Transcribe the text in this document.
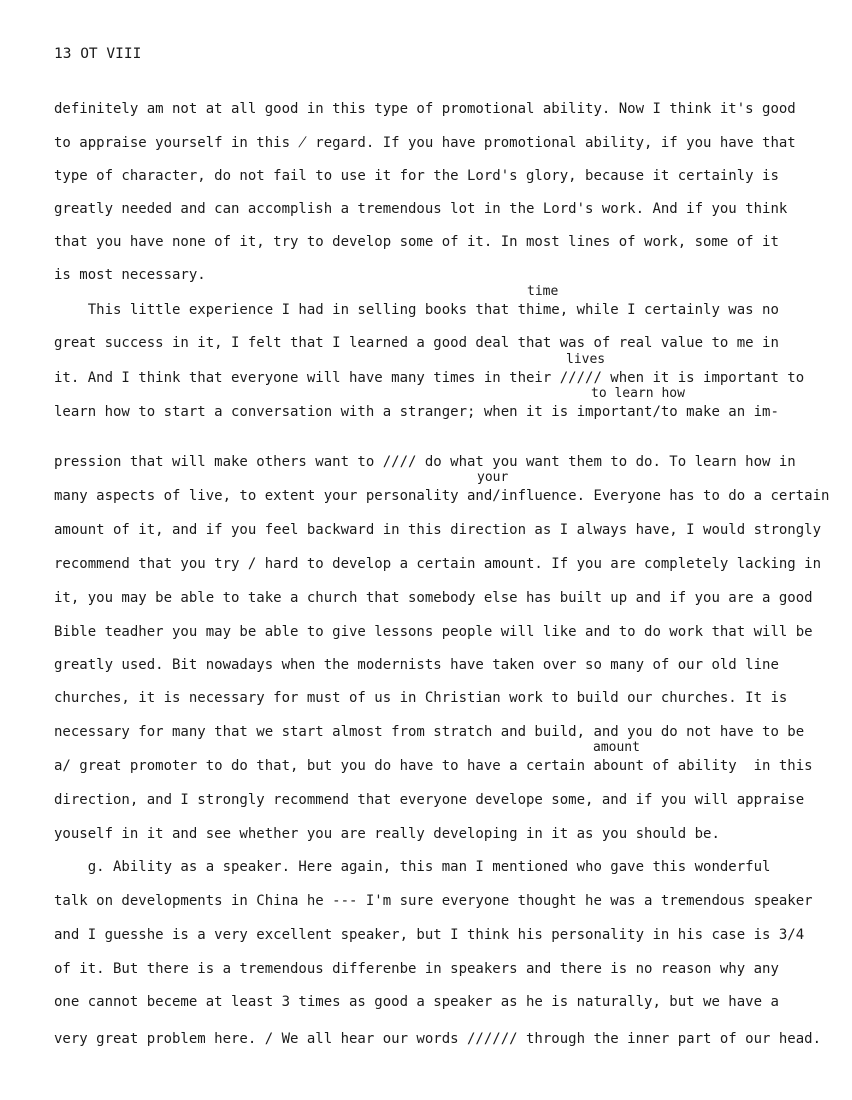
13 OT VIII
definitely am not at all good in this type of promotional ability. Now I think it's good
to appraise yourself in this ̸ regard. If you have promotional ability, if you have that
type of character, do not fail to use it for the Lord's glory, because it certainly is
greatly needed and can accomplish a tremendous lot in the Lord's work. And if you think
that you have none of it, try to develop some of it. In most lines of work, some of it
is most necessary.
time
This little experience I had in selling books that thime, while I certainly was no
great success in it, I felt that I learned a good deal that was of real value to me in
lives
it. And I think that everyone will have many times in their ///// when it is important to
to learn how
learn how to start a conversation with a stranger; when it is important/to make an im-
pression that will make others want to //// do what you want them to do. To learn how in
your
many aspects of live, to extent your personality and/influence. Everyone has to do a certain
amount of it, and if you feel backward in this direction as I always have, I would strongly
recommend that you try / hard to develop a certain amount. If you are completely lacking in
it, you may be able to take a church that somebody else has built up and if you are a good
Bible teadher you may be able to give lessons people will like and to do work that will be
greatly used. Bit nowadays when the modernists have taken over so many of our old line
churches, it is necessary for must of us in Christian work to build our churches. It is
necessary for many that we start almost from stratch and build, and you do not have to be
amount
a/ great promoter to do that, but you do have to have a certain abount of ability  in this
direction, and I strongly recommend that everyone develope some, and if you will appraise
youself in it and see whether you are really developing in it as you should be.
g. Ability as a speaker. Here again, this man I mentioned who gave this wonderful
talk on developments in China he --- I'm sure everyone thought he was a tremendous speaker
and I guesshe is a very excellent speaker, but I think his personality in his case is 3/4
of it. But there is a tremendous differenbe in speakers and there is no reason why any
one cannot beceme at least 3 times as good a speaker as he is naturally, but we have a
very great problem here. / We all hear our words ////// through the inner part of our head.
